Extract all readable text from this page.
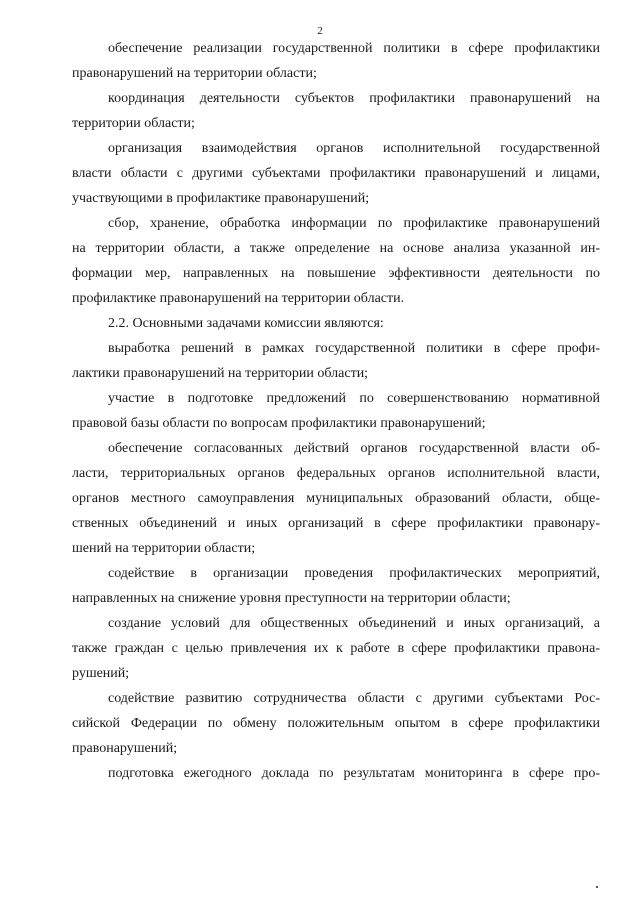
2
обеспечение реализации государственной политики в сфере профилактики
правонарушений на территории области;
координация деятельности субъектов профилактики правонарушений на
территории области;
организация взаимодействия органов исполнительной государственной
власти области с другими субъектами профилактики правонарушений и лицами,
участвующими в профилактике правонарушений;
сбор, хранение, обработка информации по профилактике правонарушений
на территории области, а также определение на основе анализа указанной ин-
формации мер, направленных на повышение эффективности деятельности по
профилактике правонарушений на территории области.
2.2. Основными задачами комиссии являются:
выработка решений в рамках государственной политики в сфере профи-
лактики правонарушений на территории области;
участие в подготовке предложений по совершенствованию нормативной
правовой базы области по вопросам профилактики правонарушений;
обеспечение согласованных действий органов государственной власти об-
ласти, территориальных органов федеральных органов исполнительной власти,
органов местного самоуправления муниципальных образований области, обще-
ственных объединений и иных организаций в сфере профилактики правонару-
шений на территории области;
содействие в организации проведения профилактических мероприятий,
направленных на снижение уровня преступности на территории области;
создание условий для общественных объединений и иных организаций, а
также граждан с целью привлечения их к работе в сфере профилактики правона-
рушений;
содействие развитию сотрудничества области с другими субъектами Рос-
сийской Федерации по обмену положительным опытом в сфере профилактики
правонарушений;
подготовка ежегодного доклада по результатам мониторинга в сфере про-
